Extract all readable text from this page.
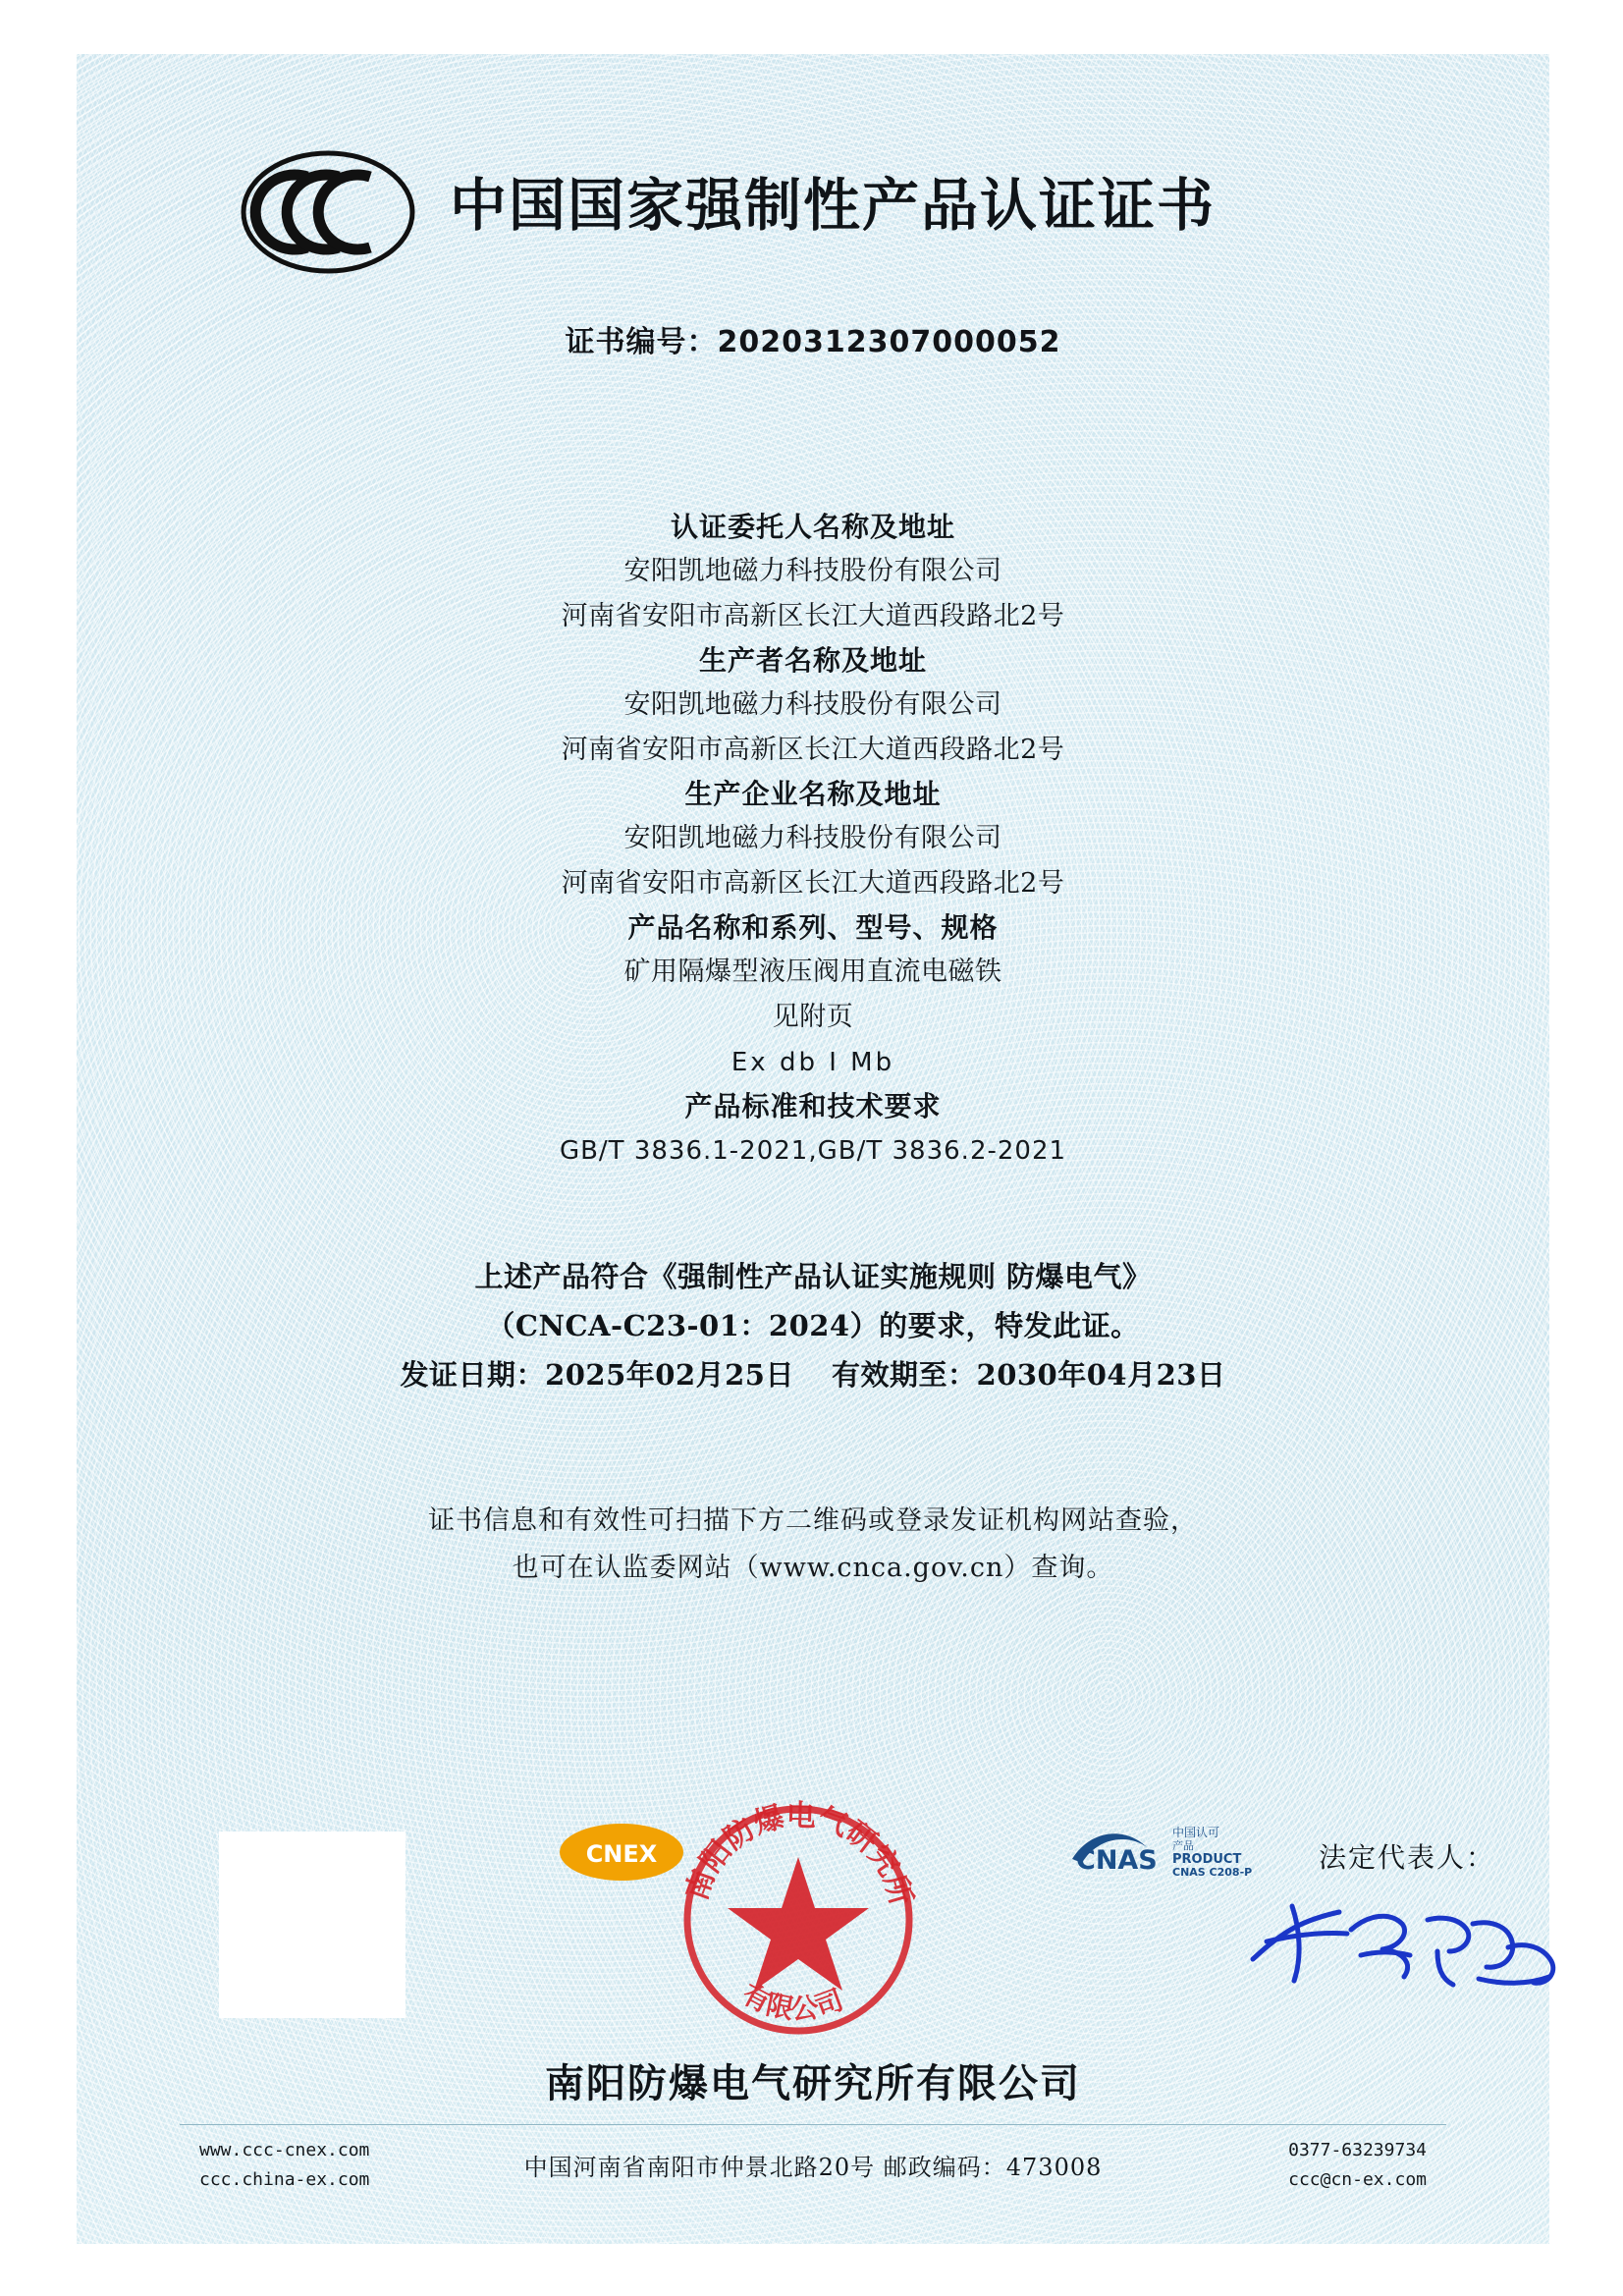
中国国家强制性产品认证证书
证书编号：2020312307000052
认证委托人名称及地址
安阳凯地磁力科技股份有限公司
河南省安阳市高新区长江大道西段路北2号
生产者名称及地址
安阳凯地磁力科技股份有限公司
河南省安阳市高新区长江大道西段路北2号
生产企业名称及地址
安阳凯地磁力科技股份有限公司
河南省安阳市高新区长江大道西段路北2号
产品名称和系列、型号、规格
矿用隔爆型液压阀用直流电磁铁
见附页
Ex db I Mb
产品标准和技术要求
GB/T 3836.1-2021,GB/T 3836.2-2021
上述产品符合《强制性产品认证实施规则 防爆电气》
（CNCA-C23-01：2024）的要求，特发此证。
发证日期：2025年02月25日 有效期至：2030年04月23日
证书信息和有效性可扫描下方二维码或登录发证机构网站查验，
也可在认监委网站（www.cnca.gov.cn）查询。
CNEX	CNAS
中国认可
产品
PRODUCT
CNAS C208-P
南阳防爆电气研究所
有限公司
法定代表人：
南阳防爆电气研究所有限公司
www.ccc-cnex.com
ccc.china-ex.com	中国河南省南阳市仲景北路20号 邮政编码：473008
0377-63239734
ccc@cn-ex.com
